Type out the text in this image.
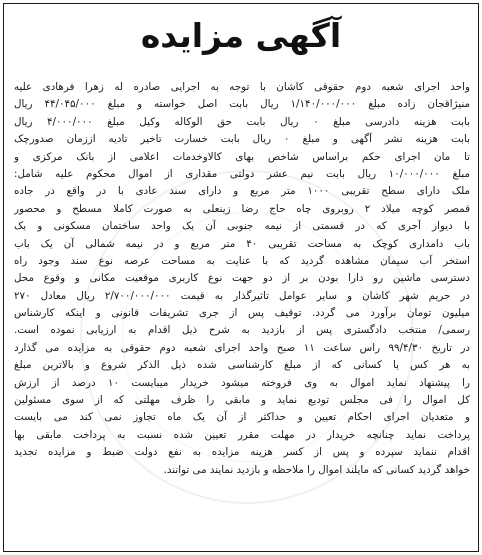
آگهی مزایده
واحد اجرای شعبه دوم حقوقی کاشان با توجه به اجرایی صادره له زهرا فرهادی علیه
منیژاقجان زاده مبلغ ۱/۱۴۰/۰۰۰/۰۰۰ ریال بابت اصل خواسته و مبلغ ۴۴/۰۴۵/۰۰۰ ریال
بابت هزینه دادرسی مبلغ ۰ ریال بابت حق الوکاله وکیل مبلغ ۴/۰۰۰/۰۰۰ ریال
بابت هزینه نشر آگهی و مبلغ ۰ ریال بابت خسارت تاخیر تادیه اززمان صدورچک
تا مان اجرای حکم براساس شاخص بهای کالاوخدمات اعلامی از بانک مرکزی و
مبلغ ۱۰/۰۰۰/۰۰۰ ریال بابت نیم عشر دولتی مقداری از اموال محکوم علیه شامل:
ملک دارای سطح تقریبی ۱۰۰۰ متر مربع و دارای سند عادی با در واقع در جاده
قمصر کوچه میلاد ۲ روبروی چاه حاج رضا زینعلی به صورت کاملا مسطح و محصور
با دیوار آجری که در قسمتی از نیمه جنوبی آن یک واحد ساختمان مسکونی و یک
باب دامداری کوچک به مساحت تقریبی ۴۰ متر مربع و در نیمه شمالی آن یک باب
استخر آب سیمان مشاهده گردید که با عنایت به مساحت عرصه نوع سند وجود راه
دسترسی ماشین رو دارا بودن بر از دو جهت نوع کاربری موقعیت مکانی و وقوع محل
در حریم شهر کاشان و سایر عوامل تاثیرگذار به قیمت ۲/۷۰۰/۰۰۰/۰۰۰ ریال معادل ۲۷۰
میلیون تومان برآورد می گردد. توقیف پس از جری تشریفات قانونی و اینکه کارشناس
رسمی/ منتخب دادگستری پس از بازدید به شرح ذیل اقدام به ارزیابی نموده است.
در تاریخ ۹۹/۴/۳۰ راس ساعت ۱۱ صبح واحد اجرای شعبه دوم حقوقی به مزایده می گذارد
به هر کس یا کسانی که از مبلغ کارشناسی شده ذیل الذکر شروع و بالاترین مبلغ
را پیشنهاد نماید اموال به وی فروخته میشود خریدار میبایست ۱۰ درصد از ارزش
کل اموال را فی مجلس تودیع نماید و مابقی را ظرف مهلتی که از سوی مسئولین
و متعدیان اجرای احکام تعیین و حداکثر از آن یک ماه تجاوز نمی کند می بایست
پرداخت نماید چنانچه خریدار در مهلت مقرر تعیین شده نسبت به پرداخت مابقی بها
اقدام ننماید سپرده و پس از کسر هزینه مزایده به نفع دولت ضبط و مزایده تجدید
خواهد گردید کسانی که مایلند اموال را ملاحظه و بازدید نمایند می توانند.
